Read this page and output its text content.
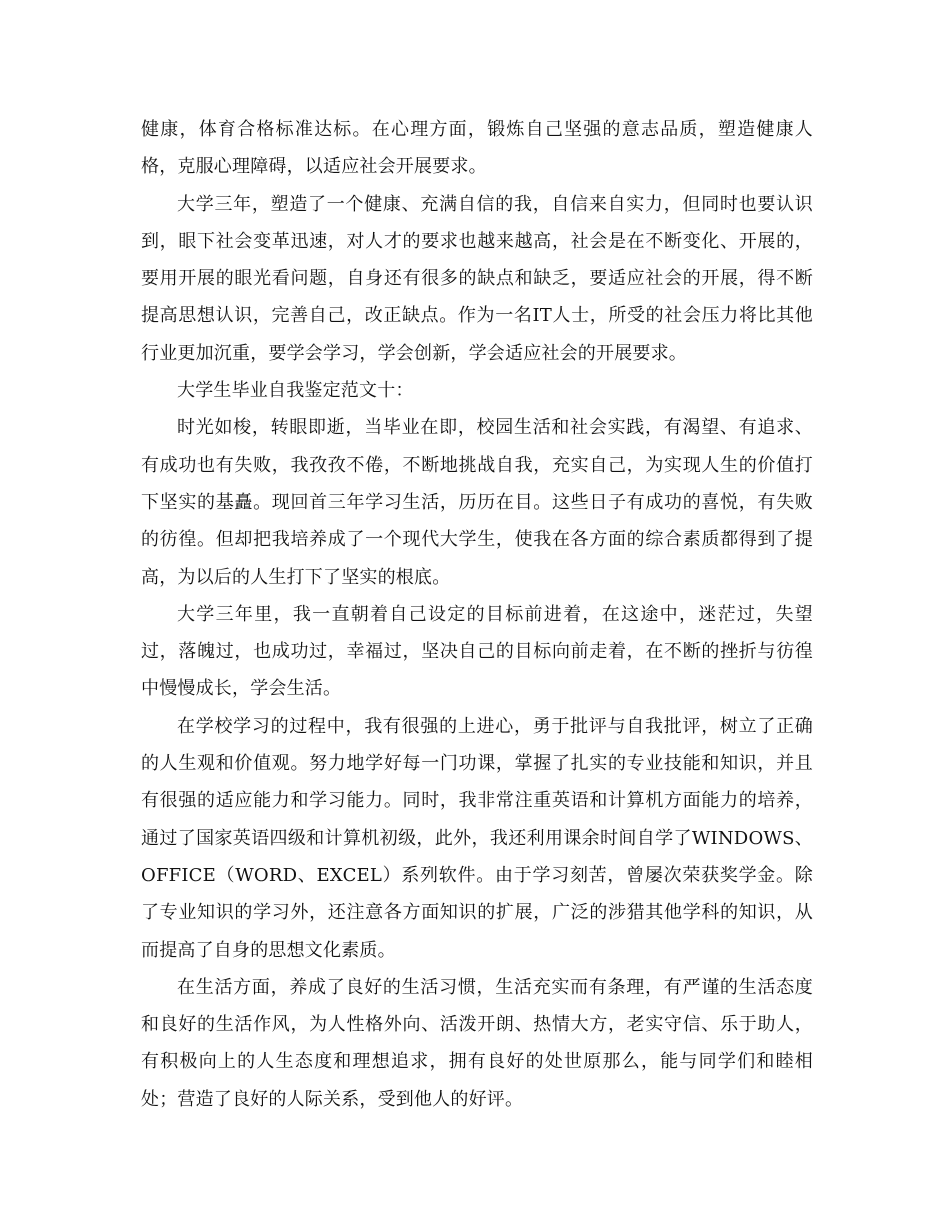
健康，体育合格标准达标。在心理方面，锻炼自己坚强的意志品质，塑造健康人格，克服心理障碍，以适应社会开展要求。

大学三年，塑造了一个健康、充满自信的我，自信来自实力，但同时也要认识到，眼下社会变革迅速，对人才的要求也越来越高，社会是在不断变化、开展的，要用开展的眼光看问题，自身还有很多的缺点和缺乏，要适应社会的开展，得不断提高思想认识，完善自己，改正缺点。作为一名IT人士，所受的社会压力将比其他行业更加沉重，要学会学习，学会创新，学会适应社会的开展要求。

大学生毕业自我鉴定范文十：

时光如梭，转眼即逝，当毕业在即，校园生活和社会实践，有渴望、有追求、有成功也有失败，我孜孜不倦，不断地挑战自我，充实自己，为实现人生的价值打下坚实的基矗。现回首三年学习生活，历历在目。这些日子有成功的喜悦，有失败的彷徨。但却把我培养成了一个现代大学生，使我在各方面的综合素质都得到了提高，为以后的人生打下了坚实的根底。

大学三年里，我一直朝着自己设定的目标前进着，在这途中，迷茫过，失望过，落魄过，也成功过，幸福过，坚决自己的目标向前走着，在不断的挫折与彷徨中慢慢成长，学会生活。

在学校学习的过程中，我有很强的上进心，勇于批评与自我批评，树立了正确的人生观和价值观。努力地学好每一门功课，掌握了扎实的专业技能和知识，并且有很强的适应能力和学习能力。同时，我非常注重英语和计算机方面能力的培养，通过了国家英语四级和计算机初级，此外，我还利用课余时间自学了WINDOWS、OFFICE（WORD、EXCEL）系列软件。由于学习刻苦，曾屡次荣获奖学金。除了专业知识的学习外，还注意各方面知识的扩展，广泛的涉猎其他学科的知识，从而提高了自身的思想文化素质。

在生活方面，养成了良好的生活习惯，生活充实而有条理，有严谨的生活态度和良好的生活作风，为人性格外向、活泼开朗、热情大方，老实守信、乐于助人，有积极向上的人生态度和理想追求，拥有良好的处世原那么，能与同学们和睦相处；营造了良好的人际关系，受到他人的好评。
